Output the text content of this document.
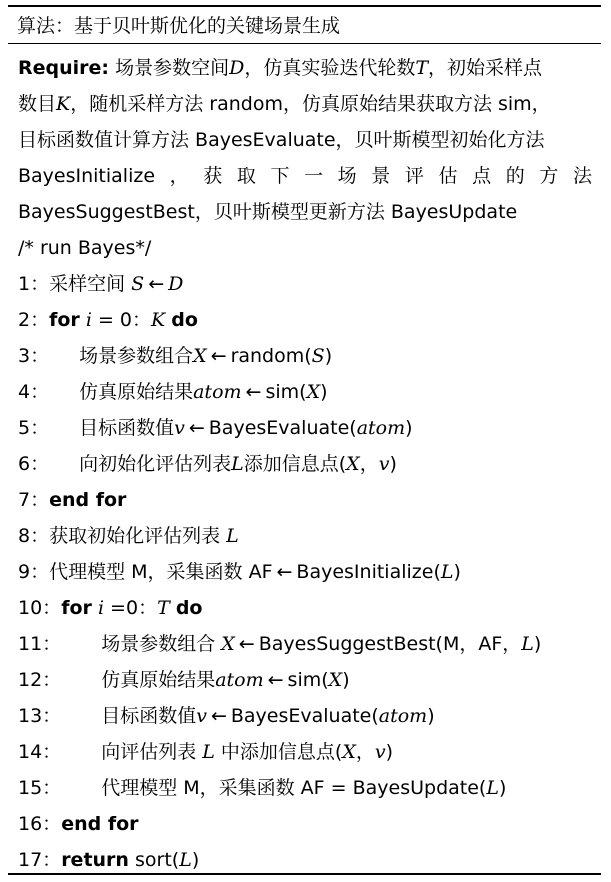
算法：基于贝叶斯优化的关键场景生成
Require: 场景参数空间D，仿真实验迭代轮数T，初始采样点
数目K，随机采样方法 random，仿真原始结果获取方法 sim，
目标函数值计算方法 BayesEvaluate，贝叶斯模型初始化方法
BayesInitialize ， 获 取 下 一 场 景 评 估 点 的 方 法
BayesSuggestBest，贝叶斯模型更新方法 BayesUpdate
/* run Bayes*/
1：采样空间 S ← D
2：for i = 0：K do
3： 场景参数组合X ← random(S)
4： 仿真原始结果atom ← sim(X)
5： 目标函数值v ← BayesEvaluate(atom)
6： 向初始化评估列表L添加信息点(X，v)
7：end for
8：获取初始化评估列表 L
9：代理模型 M，采集函数 AF ← BayesInitialize(L)
10：for i =0：T do
11： 场景参数组合 X ← BayesSuggestBest(M，AF，L)
12： 仿真原始结果atom ← sim(X)
13： 目标函数值v ← BayesEvaluate(atom)
14： 向评估列表 L 中添加信息点(X，v)
15： 代理模型 M，采集函数 AF = BayesUpdate(L)
16：end for
17：return sort(L)
